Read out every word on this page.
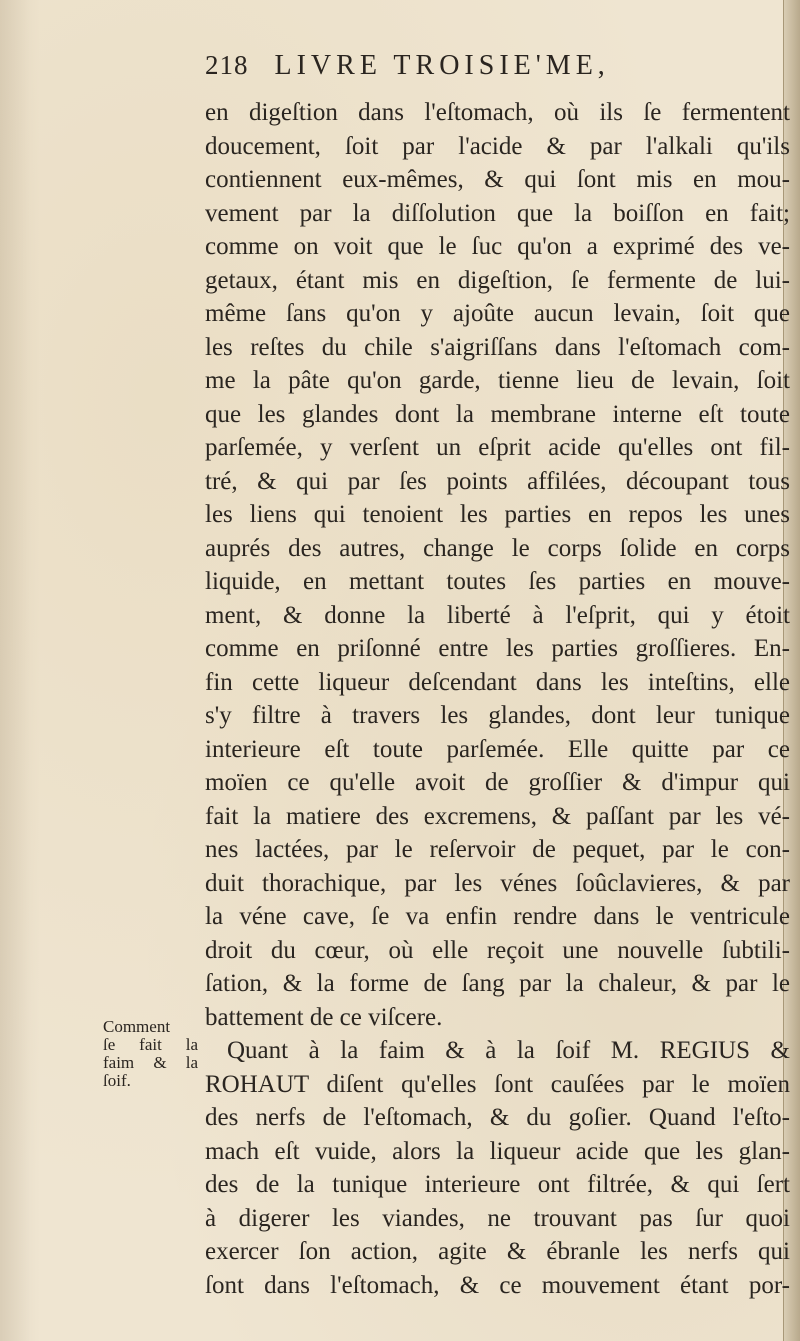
218 LIVRE TROISIE'ME,
en digeſtion dans l'eſtomach, où ils ſe fermentent
doucement, ſoit par l'acide & par l'alkali qu'ils
contiennent eux-mêmes, & qui ſont mis en mou-
vement par la diſſolution que la boiſſon en fait;
comme on voit que le ſuc qu'on a exprimé des ve-
getaux, étant mis en digeſtion, ſe fermente de lui-
même ſans qu'on y ajoûte aucun levain, ſoit que
les reſtes du chile s'aigriſſans dans l'eſtomach com-
me la pâte qu'on garde, tienne lieu de levain, ſoit
que les glandes dont la membrane interne eſt toute
parſemée, y verſent un eſprit acide qu'elles ont fil-
tré, & qui par ſes points affilées, découpant tous
les liens qui tenoient les parties en repos les unes
auprés des autres, change le corps ſolide en corps
liquide, en mettant toutes ſes parties en mouve-
ment, & donne la liberté à l'eſprit, qui y étoit
comme en priſonné entre les parties groſſieres. En-
fin cette liqueur deſcendant dans les inteſtins, elle
s'y filtre à travers les glandes, dont leur tunique
interieure eſt toute parſemée. Elle quitte par ce
moïen ce qu'elle avoit de groſſier & d'impur qui
fait la matiere des excremens, & paſſant par les vé-
nes lactées, par le reſervoir de pequet, par le con-
duit thorachique, par les vénes ſoûclavieres, & par
la véne cave, ſe va enfin rendre dans le ventricule
droit du cœur, où elle reçoit une nouvelle ſubtili-
ſation, & la forme de ſang par la chaleur, & par le
battement de ce viſcere.
Quant à la faim & à la ſoif M. REGIUS &
ROHAUT diſent qu'elles ſont cauſées par le moïen
des nerfs de l'eſtomach, & du goſier. Quand l'eſto-
mach eſt vuide, alors la liqueur acide que les glan-
des de la tunique interieure ont filtrée, & qui ſert
à digerer les viandes, ne trouvant pas ſur quoi
exercer ſon action, agite & ébranle les nerfs qui
ſont dans l'eſtomach, & ce mouvement étant por-
Comment
ſe fait la
faim & la
ſoif.
